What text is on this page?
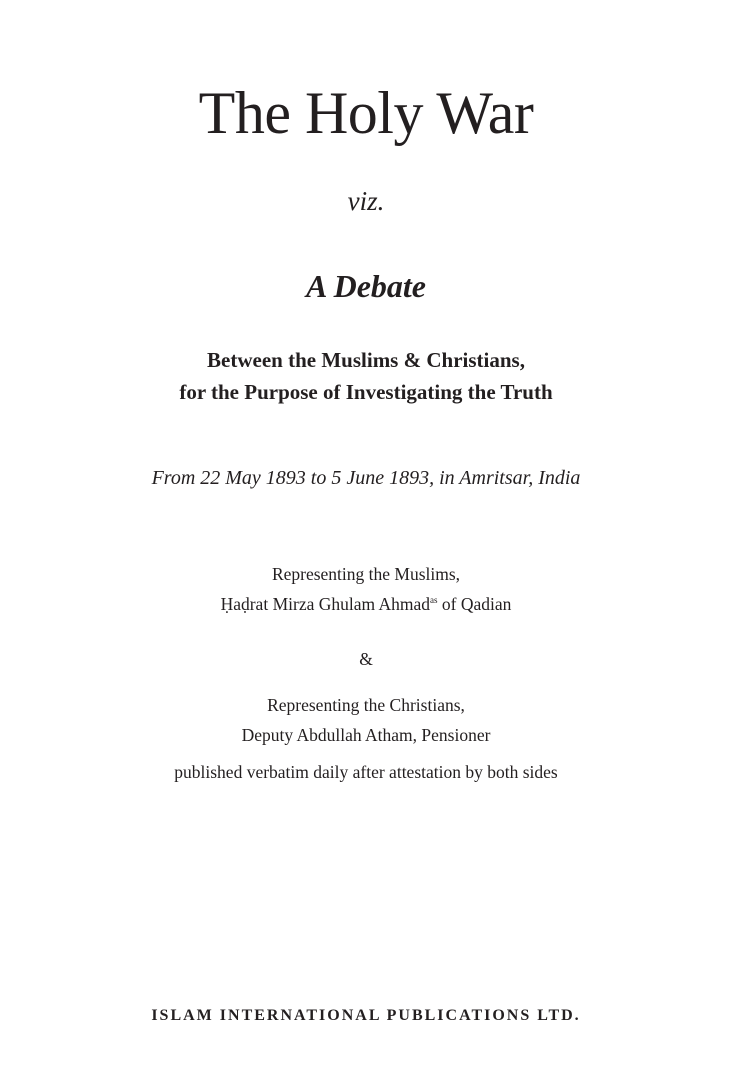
The Holy War
viz.
A Debate
Between the Muslims & Christians,
for the Purpose of Investigating the Truth
From 22 May 1893 to 5 June 1893, in Amritsar, India
Representing the Muslims,
Ḥaḍrat Mirza Ghulam Ahmad$^{as}$ of Qadian
&
Representing the Christians,
Deputy Abdullah Atham, Pensioner
published verbatim daily after attestation by both sides
ISLAM INTERNATIONAL PUBLICATIONS LTD.
